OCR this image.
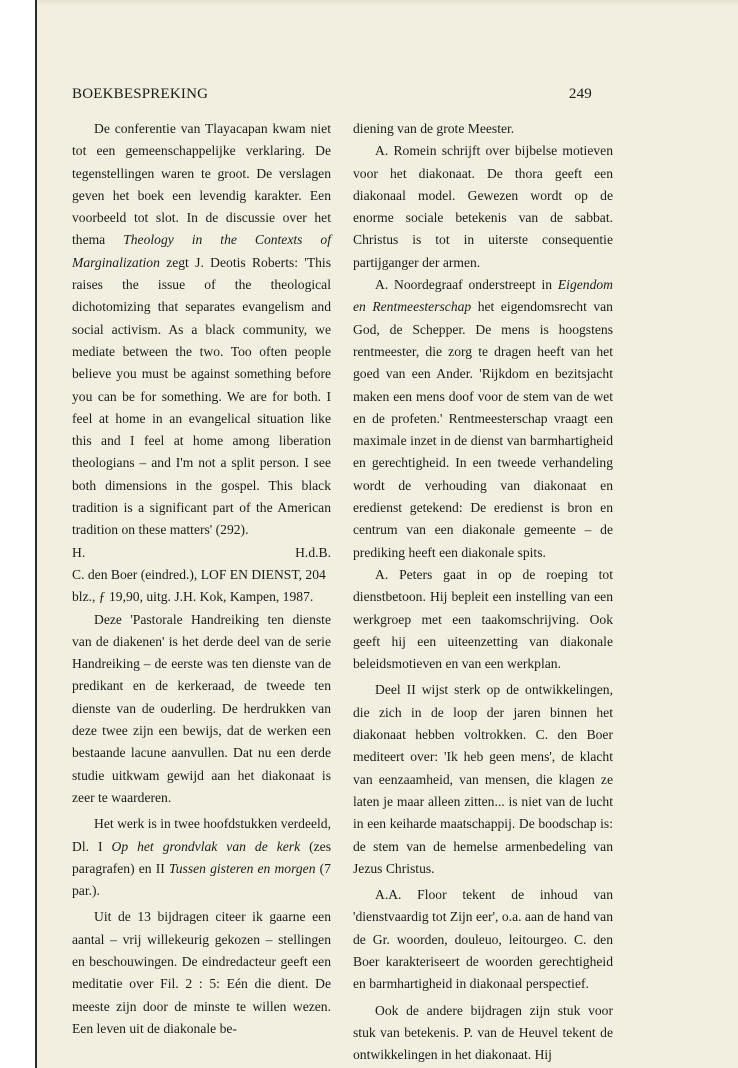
BOEKBESPREKING	249

De conferentie van Tlayacapan kwam niet tot een gemeenschappelijke verklaring. De tegenstellingen waren te groot. De verslagen geven het boek een levendig karakter. Een voorbeeld tot slot. In de discussie over het thema Theology in the Contexts of Marginalization zegt J. Deotis Roberts: 'This raises the issue of the theological dichotomizing that separates evangelism and social activism. As a black community, we mediate between the two. Too often people believe you must be against something before you can be for something. We are for both. I feel at home in an evangelical situation like this and I feel at home among liberation theologians – and I'm not a split person. I see both dimensions in the gospel. This black tradition is a significant part of the American tradition on these matters' (292).

H.	H.d.B.

C. den Boer (eindred.), LOF EN DIENST, 204 blz., ƒ 19,90, uitg. J.H. Kok, Kampen, 1987.

Deze 'Pastorale Handreiking ten dienste van de diakenen' is het derde deel van de serie Handreiking – de eerste was ten dienste van de predikant en de kerkeraad, de tweede ten dienste van de ouderling. De herdrukken van deze twee zijn een bewijs, dat de werken een bestaande lacune aanvullen. Dat nu een derde studie uitkwam gewijd aan het diakonaat is zeer te waarderen.

Het werk is in twee hoofdstukken verdeeld, Dl. I Op het grondvlak van de kerk (zes paragrafen) en II Tussen gisteren en morgen (7 par.).

Uit de 13 bijdragen citeer ik gaarne een aantal – vrij willekeurig gekozen – stellingen en beschouwingen. De eindredacteur geeft een meditatie over Fil. 2 : 5: Eén die dient. De meeste zijn door de minste te willen wezen. Een leven uit de diakonale be-

diening van de grote Meester.

A. Romein schrijft over bijbelse motieven voor het diakonaat. De thora geeft een diakonaal model. Gewezen wordt op de enorme sociale betekenis van de sabbat. Christus is tot in uiterste consequentie partijganger der armen.

A. Noordegraaf onderstreept in Eigendom en Rentmeesterschap het eigendomsrecht van God, de Schepper. De mens is hoogstens rentmeester, die zorg te dragen heeft van het goed van een Ander. 'Rijkdom en bezitsjacht maken een mens doof voor de stem van de wet en de profeten.' Rentmeesterschap vraagt een maximale inzet in de dienst van barmhartigheid en gerechtigheid. In een tweede verhandeling wordt de verhouding van diakonaat en eredienst getekend: De eredienst is bron en centrum van een diakonale gemeente – de prediking heeft een diakonale spits.

A. Peters gaat in op de roeping tot dienstbetoon. Hij bepleit een instelling van een werkgroep met een taakomschrijving. Ook geeft hij een uiteenzetting van diakonale beleidsmotieven en van een werkplan.

Deel II wijst sterk op de ontwikkelingen, die zich in de loop der jaren binnen het diakonaat hebben voltrokken. C. den Boer mediteert over: 'Ik heb geen mens', de klacht van eenzaamheid, van mensen, die klagen ze laten je maar alleen zitten... is niet van de lucht in een keiharde maatschappij. De boodschap is: de stem van de hemelse armenbedeling van Jezus Christus.

A.A. Floor tekent de inhoud van 'dienstvaardig tot Zijn eer', o.a. aan de hand van de Gr. woorden, douleuo, leitourgeo. C. den Boer karakteriseert de woorden gerechtigheid en barmhartigheid in diakonaal perspectief.

Ook de andere bijdragen zijn stuk voor stuk van betekenis. P. van de Heuvel tekent de ontwikkelingen in het diakonaat. Hij
